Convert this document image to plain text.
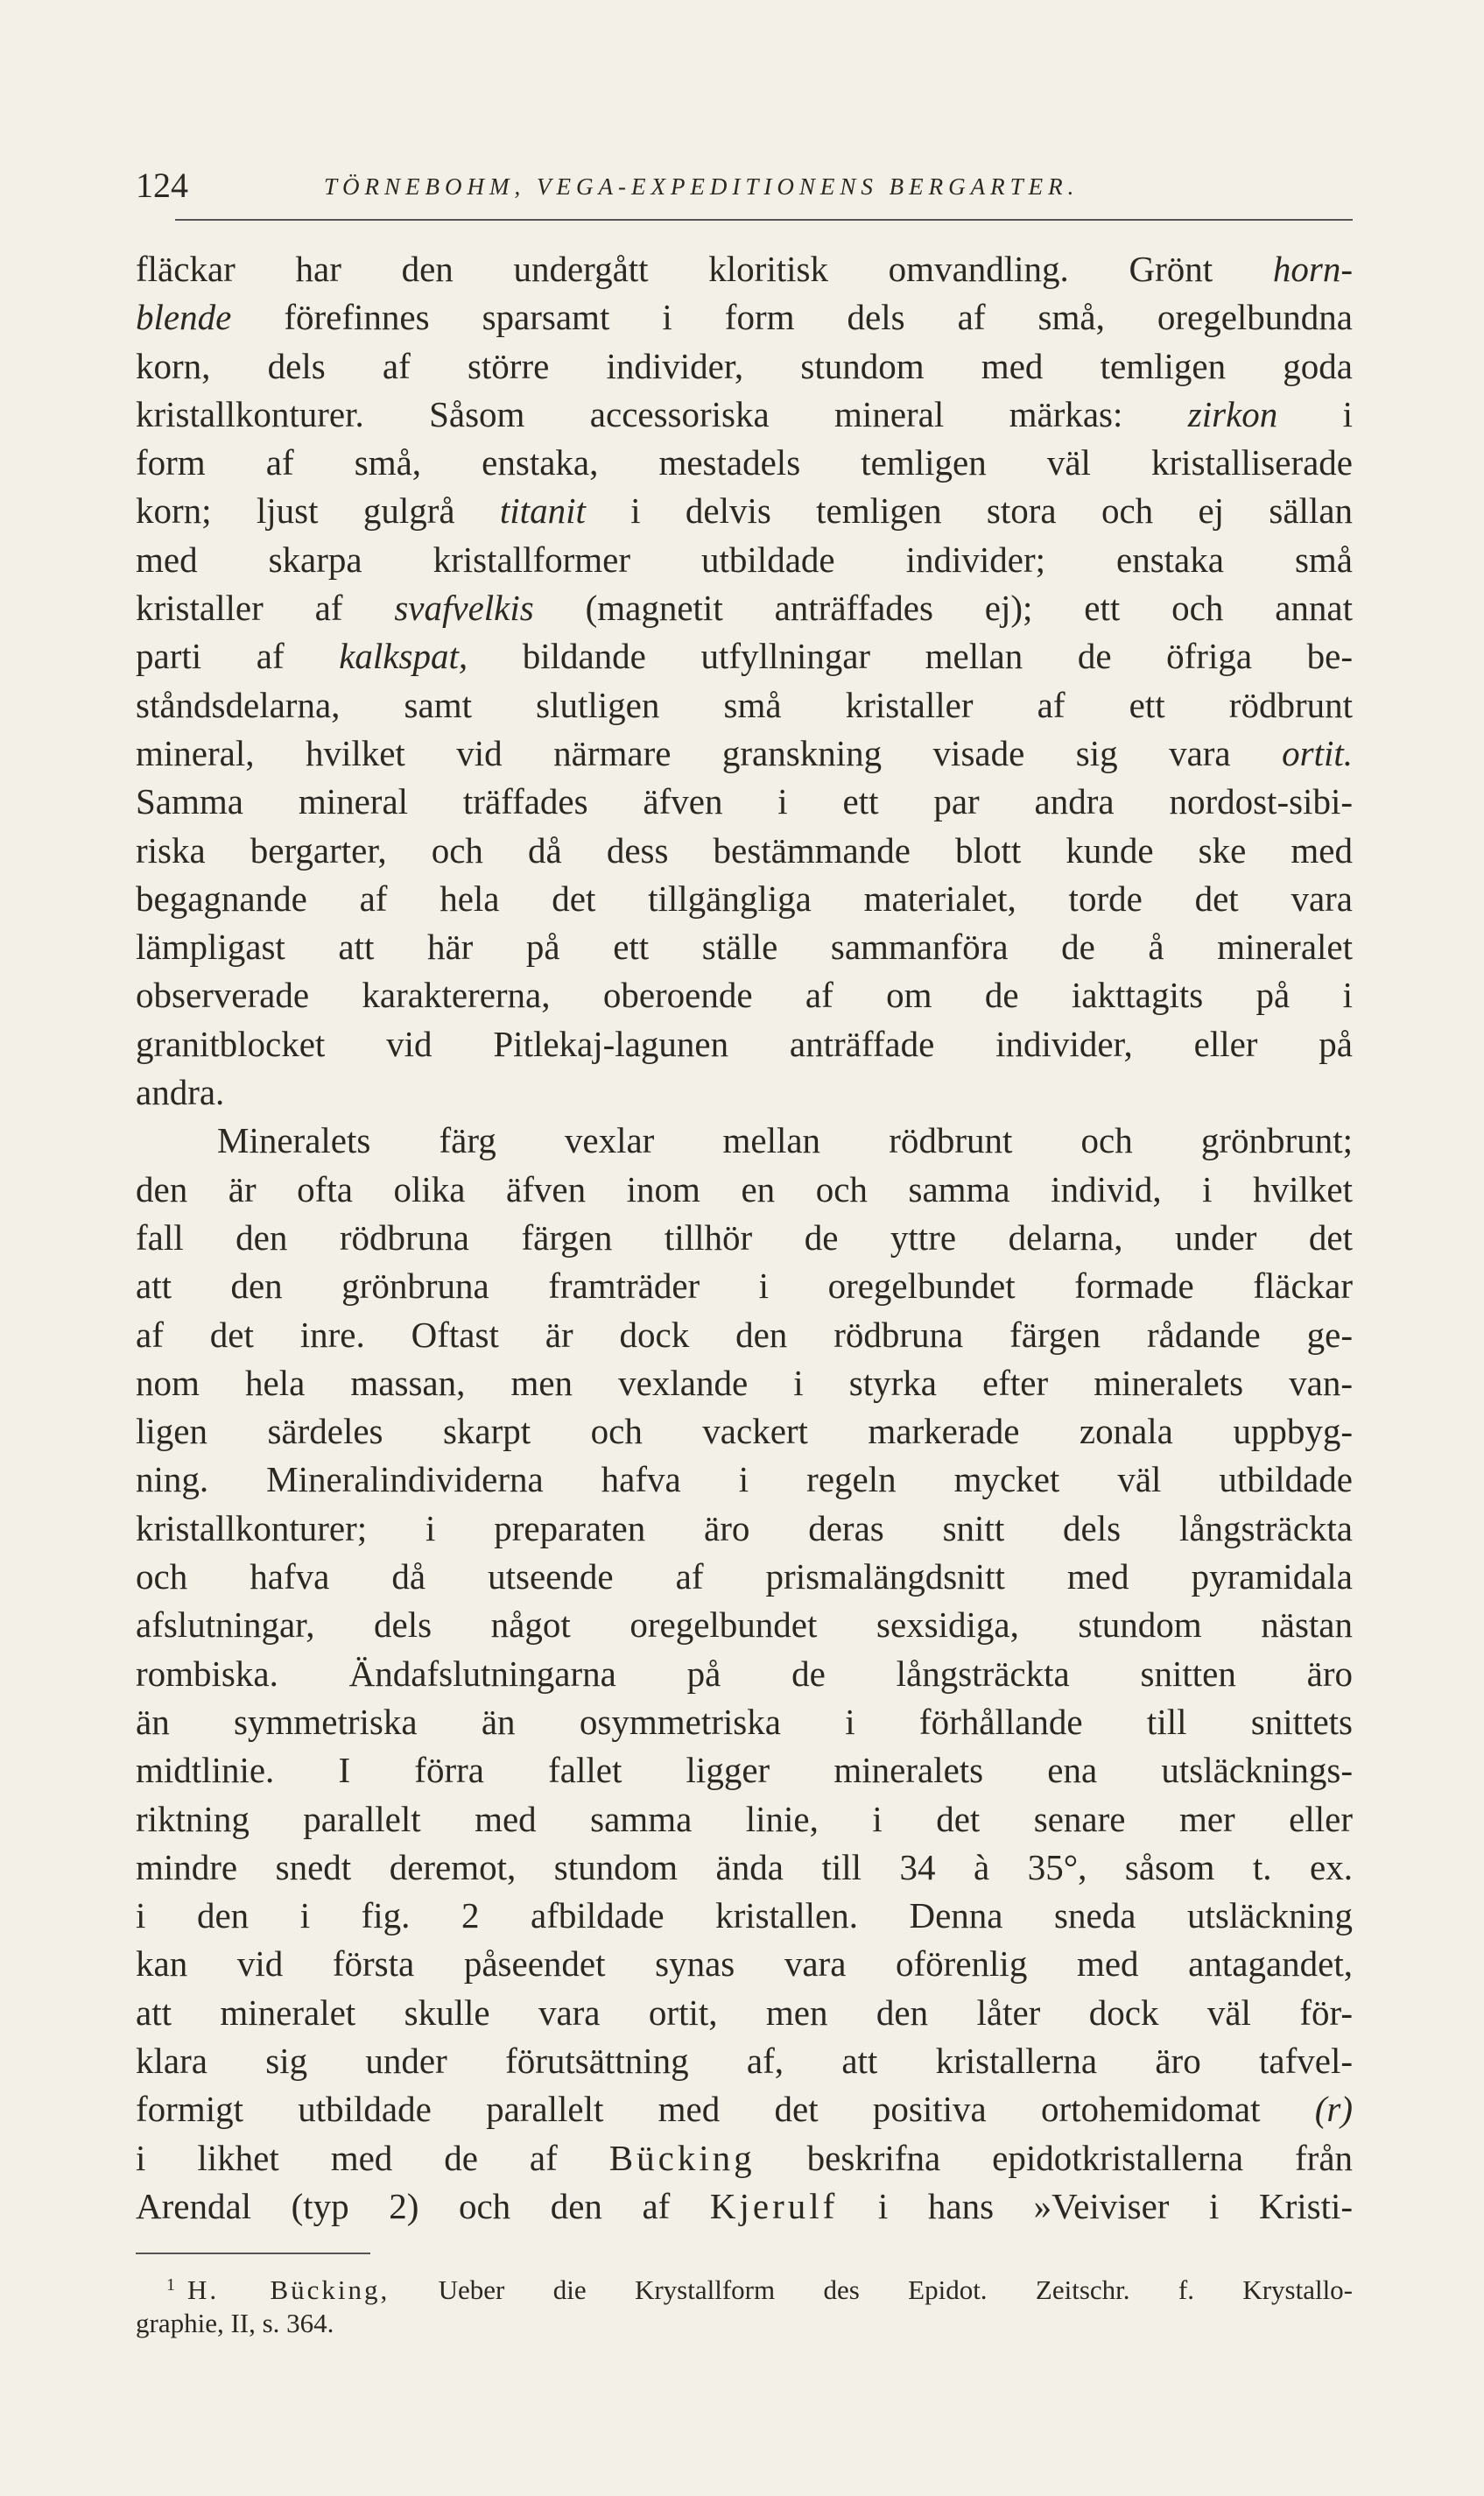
124	TÖRNEBOHM, VEGA-EXPEDITIONENS BERGARTER.
fläckar har den undergått kloritisk omvandling. Grönt horn-
blende förefinnes sparsamt i form dels af små, oregelbundna
korn, dels af större individer, stundom med temligen goda
kristallkonturer. Såsom accessoriska mineral märkas: zirkon i
form af små, enstaka, mestadels temligen väl kristalliserade
korn; ljust gulgrå titanit i delvis temligen stora och ej sällan
med skarpa kristallformer utbildade individer; enstaka små
kristaller af svafvelkis (magnetit anträffades ej); ett och annat
parti af kalkspat, bildande utfyllningar mellan de öfriga be-
ståndsdelarna, samt slutligen små kristaller af ett rödbrunt
mineral, hvilket vid närmare granskning visade sig vara ortit.
Samma mineral träffades äfven i ett par andra nordost-sibi-
riska bergarter, och då dess bestämmande blott kunde ske med
begagnande af hela det tillgängliga materialet, torde det vara
lämpligast att här på ett ställe sammanföra de å mineralet
observerade karaktererna, oberoende af om de iakttagits på i
granitblocket vid Pitlekaj-lagunen anträffade individer, eller på
andra.
Mineralets färg vexlar mellan rödbrunt och grönbrunt;
den är ofta olika äfven inom en och samma individ, i hvilket
fall den rödbruna färgen tillhör de yttre delarna, under det
att den grönbruna framträder i oregelbundet formade fläckar
af det inre. Oftast är dock den rödbruna färgen rådande ge-
nom hela massan, men vexlande i styrka efter mineralets van-
ligen särdeles skarpt och vackert markerade zonala uppbyg-
ning. Mineralindividerna hafva i regeln mycket väl utbildade
kristallkonturer; i preparaten äro deras snitt dels långsträckta
och hafva då utseende af prismalängdsnitt med pyramidala
afslutningar, dels något oregelbundet sexsidiga, stundom nästan
rombiska. Ändafslutningarna på de långsträckta snitten äro
än symmetriska än osymmetriska i förhållande till snittets
midtlinie. I förra fallet ligger mineralets ena utsläcknings-
riktning parallelt med samma linie, i det senare mer eller
mindre snedt deremot, stundom ända till 34 à 35°, såsom t. ex.
i den i fig. 2 afbildade kristallen. Denna sneda utsläckning
kan vid första påseendet synas vara oförenlig med antagandet,
att mineralet skulle vara ortit, men den låter dock väl för-
klara sig under förutsättning af, att kristallerna äro tafvel-
formigt utbildade parallelt med det positiva ortohemidomat (r)
i likhet med de af Bücking beskrifna epidotkristallerna från
Arendal (typ 2) och den af Kjerulf i hans »Veiviser i Kristi-
$^1$ H. Bücking, Ueber die Krystallform des Epidot. Zeitschr. f. Krystallo-
graphie, II, s. 364.
